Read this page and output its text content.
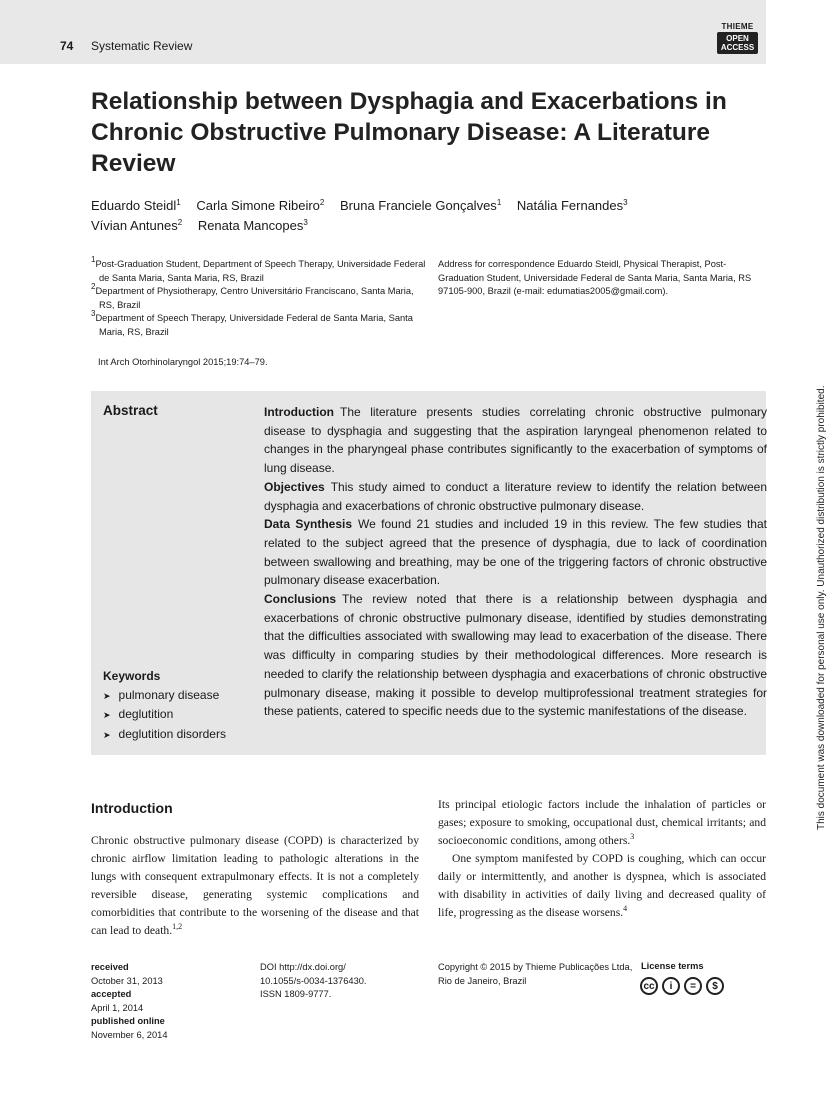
74 Systematic Review
THIEME
OPEN
ACCESS
Relationship between Dysphagia and Exacerbations in Chronic Obstructive Pulmonary Disease: A Literature Review
Eduardo Steidl$^1$ Carla Simone Ribeiro$^2$ Bruna Franciele Gonçalves$^1$ Natália Fernandes$^3$
Vívian Antunes$^2$ Renata Mancopes$^3$
$^1$Post-Graduation Student, Department of Speech Therapy, Universidade Federal de Santa Maria, Santa Maria, RS, Brazil
$^2$Department of Physiotherapy, Centro Universitário Franciscano, Santa Maria, RS, Brazil
$^3$Department of Speech Therapy, Universidade Federal de Santa Maria, Santa Maria, RS, Brazil
Address for correspondence Eduardo Steidl, Physical Therapist, Post-Graduation Student, Universidade Federal de Santa Maria, Santa Maria, RS 97105-900, Brazil (e-mail: edumatias2005@gmail.com).
Int Arch Otorhinolaryngol 2015;19:74–79.
Abstract	Introduction The literature presents studies correlating chronic obstructive pulmonary disease to dysphagia and suggesting that the aspiration laryngeal phenomenon related to changes in the pharyngeal phase contributes significantly to the exacerbation of symptoms of lung disease.
Objectives This study aimed to conduct a literature review to identify the relation between dysphagia and exacerbations of chronic obstructive pulmonary disease.
Data Synthesis We found 21 studies and included 19 in this review. The few studies that related to the subject agreed that the presence of dysphagia, due to lack of coordination between swallowing and breathing, may be one of the triggering factors of chronic obstructive pulmonary disease exacerbation.
Conclusions The review noted that there is a relationship between dysphagia and exacerbations of chronic obstructive pulmonary disease, identified by studies demonstrating that the difficulties associated with swallowing may lead to exacerbation of the disease. There was difficulty in comparing studies by their methodological differences. More research is needed to clarify the relationship between dysphagia and exacerbations of chronic obstructive pulmonary disease, making it possible to develop multiprofessional treatment strategies for these patients, catered to specific needs due to the systemic manifestations of the disease.
Keywords
➤ pulmonary disease
➤ deglutition
➤ deglutition disorders
Introduction
Chronic obstructive pulmonary disease (COPD) is characterized by chronic airflow limitation leading to pathologic alterations in the lungs with consequent extrapulmonary effects. It is not a completely reversible disease, generating systemic complications and comorbidities that contribute to the worsening of the disease and that can lead to death.$^{1,2}$

Its principal etiologic factors include the inhalation of particles or gases; exposure to smoking, occupational dust, chemical irritants; and socioeconomic conditions, among others.$^3$

One symptom manifested by COPD is coughing, which can occur daily or intermittently, and another is dyspnea, which is associated with disability in activities of daily living and decreased quality of life, progressing as the disease worsens.$^4$

received
October 31, 2013
accepted
April 1, 2014
published online
November 6, 2014
DOI http://dx.doi.org/
10.1055/s-0034-1376430.
ISSN 1809-9777.
Copyright © 2015 by Thieme Publicações Ltda, Rio de Janeiro, Brazil
License terms
cc	i	=	$
This document was downloaded for personal use only. Unauthorized distribution is strictly prohibited.
